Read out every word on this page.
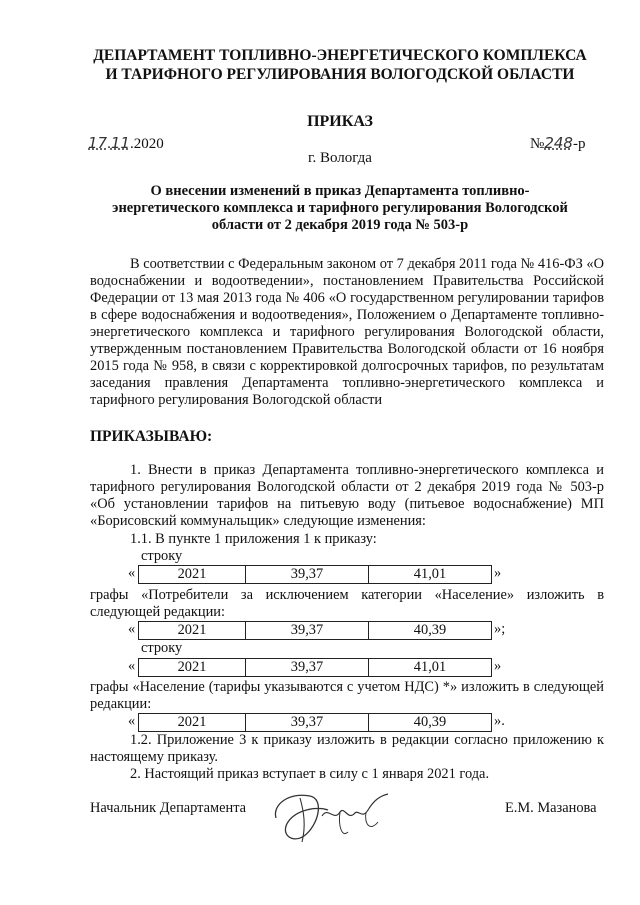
ДЕПАРТАМЕНТ ТОПЛИВНО-ЭНЕРГЕТИЧЕСКОГО КОМПЛЕКСА
И ТАРИФНОГО РЕГУЛИРОВАНИЯ ВОЛОГОДСКОЙ ОБЛАСТИ
ПРИКАЗ
17.11.2020	№248-р
г. Вологда
О внесении изменений в приказ Департамента топливно-
энергетического комплекса и тарифного регулирования Вологодской
области от 2 декабря 2019 года № 503-р
В соответствии с Федеральным законом от 7 декабря 2011 года № 416-ФЗ «О водоснабжении и водоотведении», постановлением Правительства Российской Федерации от 13 мая 2013 года № 406 «О государственном регулировании тарифов в сфере водоснабжения и водоотведения», Положением о Департаменте топливно-энергетического комплекса и тарифного регулирования Вологодской области, утвержденным постановлением Правительства Вологодской области от 16 ноября 2015 года № 958, в связи с корректировкой долгосрочных тарифов, по результатам заседания правления Департамента топливно-энергетического комплекса и тарифного регулирования Вологодской области
ПРИКАЗЫВАЮ:
1. Внести в приказ Департамента топливно-энергетического комплекса и тарифного регулирования Вологодской области от 2 декабря 2019 года № 503-р «Об установлении тарифов на питьевую воду (питьевое водоснабжение) МП «Борисовский коммунальщик» следующие изменения:
1.1. В пункте 1 приложения 1 к приказу:
строку
«	2021	39,37	41,01	»
графы «Потребители за исключением категории «Население» изложить в следующей редакции:
«	2021	39,37	40,39	»;
строку
«	2021	39,37	41,01	»
графы «Население (тарифы указываются с учетом НДС) *» изложить в следующей редакции:
«	2021	39,37	40,39	».
1.2. Приложение 3 к приказу изложить в редакции согласно приложению к настоящему приказу.
2. Настоящий приказ вступает в силу с 1 января 2021 года.
Начальник Департамента	Е.М. Мазанова
